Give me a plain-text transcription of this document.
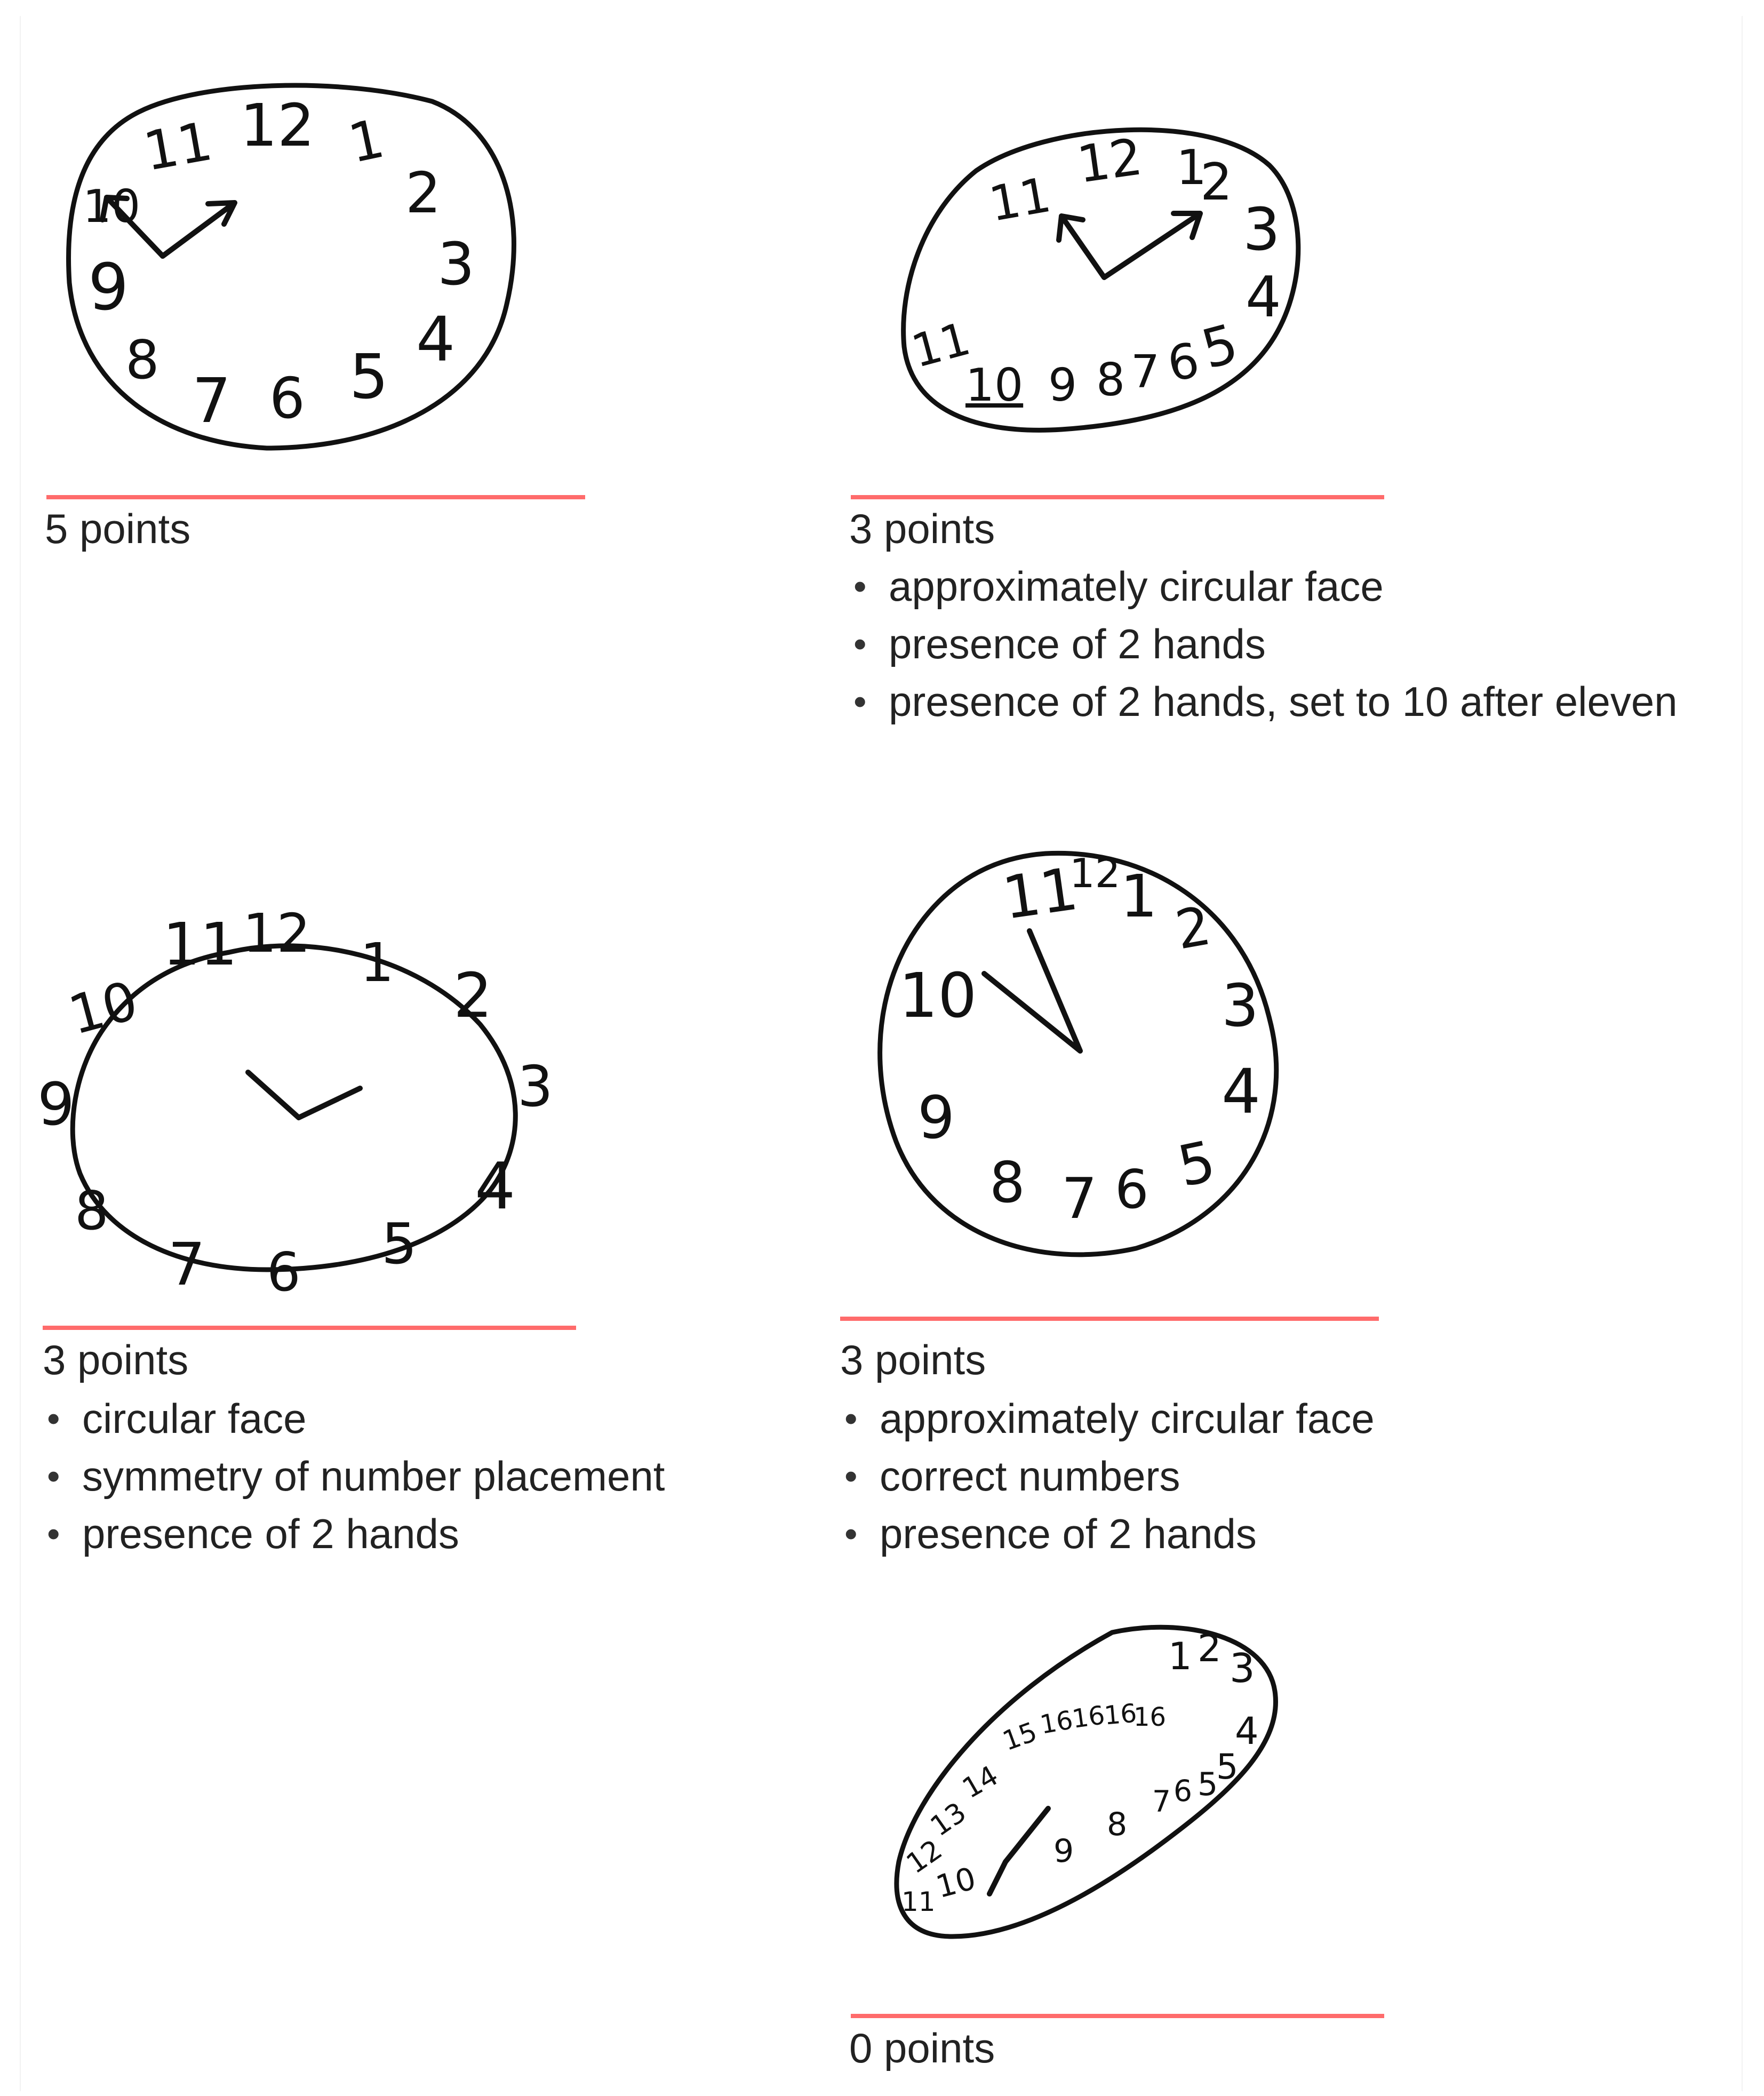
12 1
2
3
4
5
6
7
8
9
10
11
5 points
12 1
2
3
4
5
6
7
8
9
10
11
11
3 points
• approximately circular face
• presence of 2 hands
• presence of 2 hands, set to 10 after eleven
12 1 2
3
4
5
6
7
8
9
10
11
3 points
• circular face
• symmetry of number placement
• presence of 2 hands
12 1 2
3
4
5
6
7
8
9
10
11
3 points
• approximately circular face
• correct numbers
• presence of 2 hands
1 2 3
4
5
5
6
7
8
9
10
11
12
13
14
15
16
16
16
16
0 points
